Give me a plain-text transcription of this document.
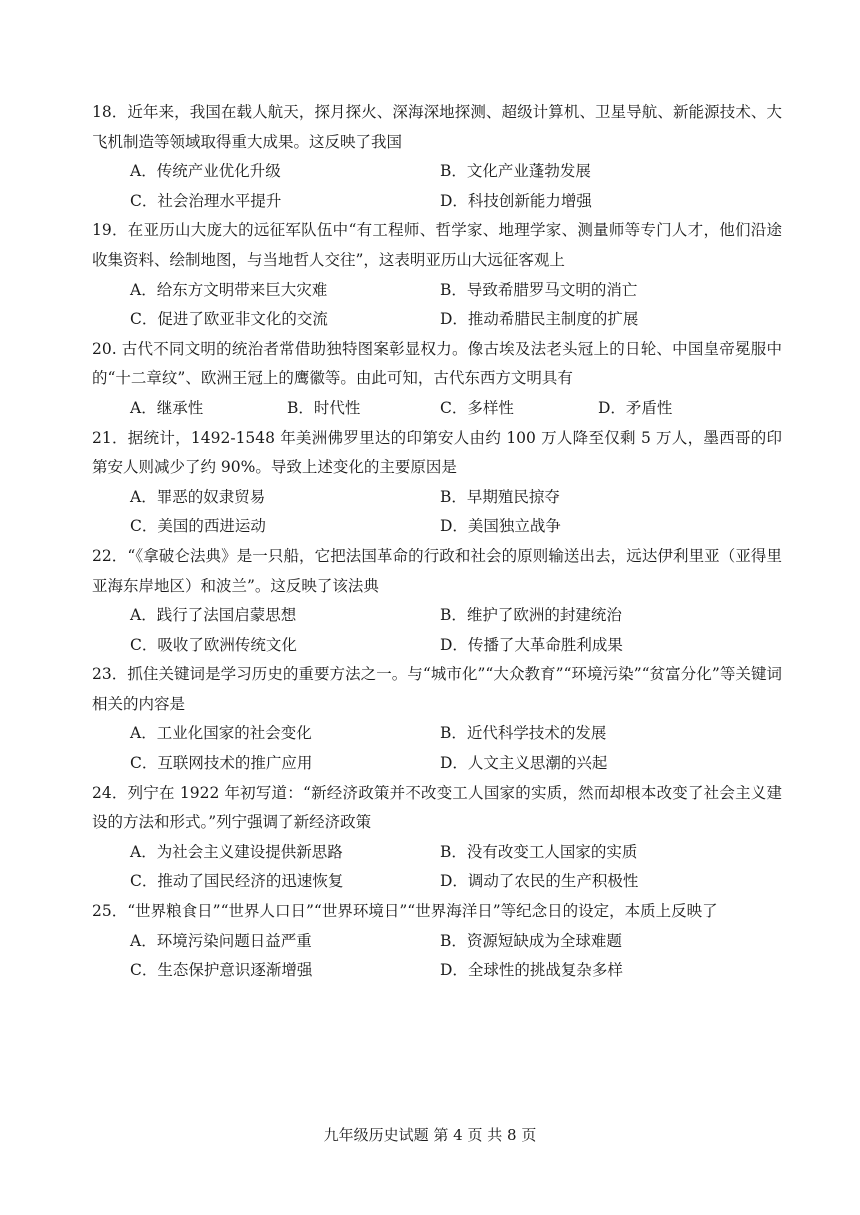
18．近年来，我国在载人航天，探月探火、深海深地探测、超级计算机、卫星导航、新能源技术、大飞机制造等领域取得重大成果。这反映了我国

A．传统产业优化升级	B．文化产业蓬勃发展
C．社会治理水平提升	D．科技创新能力增强

19．在亚历山大庞大的远征军队伍中“有工程师、哲学家、地理学家、测量师等专门人才，他们沿途收集资料、绘制地图，与当地哲人交往”，这表明亚历山大远征客观上

A．给东方文明带来巨大灾难	B．导致希腊罗马文明的消亡
C．促进了欧亚非文化的交流	D．推动希腊民主制度的扩展

20. 古代不同文明的统治者常借助独特图案彰显权力。像古埃及法老头冠上的日轮、中国皇帝冕服中的“十二章纹”、欧洲王冠上的鹰徽等。由此可知，古代东西方文明具有

A．继承性	B．时代性	C．多样性	D．矛盾性

21．据统计，1492-1548 年美洲佛罗里达的印第安人由约 100 万人降至仅剩 5 万人，墨西哥的印第安人则减少了约 90%。导致上述变化的主要原因是

A．罪恶的奴隶贸易	B．早期殖民掠夺
C．美国的西进运动	D．美国独立战争

22．“《拿破仑法典》是一只船，它把法国革命的行政和社会的原则输送出去，远达伊利里亚（亚得里亚海东岸地区）和波兰”。这反映了该法典

A．践行了法国启蒙思想	B．维护了欧洲的封建统治
C．吸收了欧洲传统文化	D．传播了大革命胜利成果

23．抓住关键词是学习历史的重要方法之一。与“城市化”“大众教育”“环境污染”“贫富分化”等关键词相关的内容是

A．工业化国家的社会变化	B．近代科学技术的发展
C．互联网技术的推广应用	D．人文主义思潮的兴起

24．列宁在 1922 年初写道：“新经济政策并不改变工人国家的实质，然而却根本改变了社会主义建设的方法和形式。”列宁强调了新经济政策

A．为社会主义建设提供新思路	B．没有改变工人国家的实质
C．推动了国民经济的迅速恢复	D．调动了农民的生产积极性

25．“世界粮食日”“世界人口日”“世界环境日”“世界海洋日”等纪念日的设定，本质上反映了

A．环境污染问题日益严重	B．资源短缺成为全球难题
C．生态保护意识逐渐增强	D．全球性的挑战复杂多样
九年级历史试题 第 4 页 共 8 页
